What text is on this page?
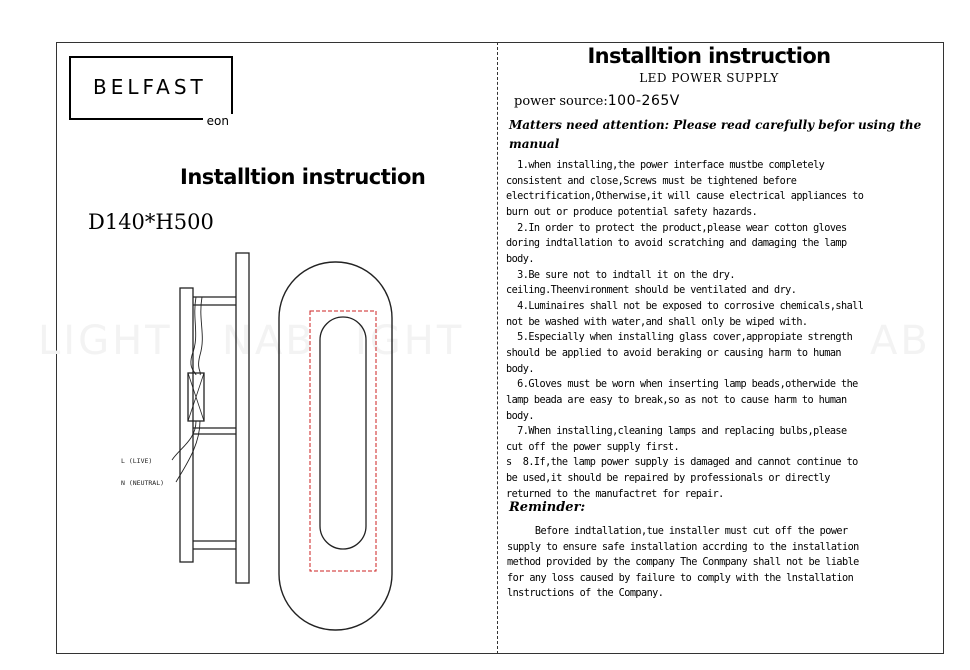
LIGHT NAB IGHT	AB
BELFAST
eon
Installtion instruction
D140*H500
L (LIVE)
N (NEUTRAL)
Installtion instruction
LED POWER SUPPLY
power source:100-265V
Matters need attention: Please read carefully befor using the manual
1.when installing,the power interface mustbe completely
consistent and close,Screws must be tightened before
electrification,Otherwise,it will cause electrical appliances to
burn out or produce potential safety hazards.
2.In order to protect the product,please wear cotton gloves
doring indtallation to avoid scratching and damaging the lamp
body.
3.Be sure not to indtall it on the dry.
ceiling.Theenvironment should be ventilated and dry.
4.Luminaires shall not be exposed to corrosive chemicals,shall
not be washed with water,and shall only be wiped with.
5.Especially when installing glass cover,appropiate strength
should be applied to avoid beraking or causing harm to human
body.
6.Gloves must be worn when inserting lamp beads,otherwide the
lamp beada are easy to break,so as not to cause harm to human
body.
7.When installing,cleaning lamps and replacing bulbs,please
cut off the power supply first.
s  8.If,the lamp power supply is damaged and cannot continue to
be used,it should be repaired by professionals or directly
returned to the manufactret for repair.
Reminder:
Before indtallation,tue installer must cut off the power
supply to ensure safe installation accrding to the installation
method provided by the company The Conmpany shall not be liable
for any loss caused by failure to comply with the lnstallation
lnstructions of the Company.
